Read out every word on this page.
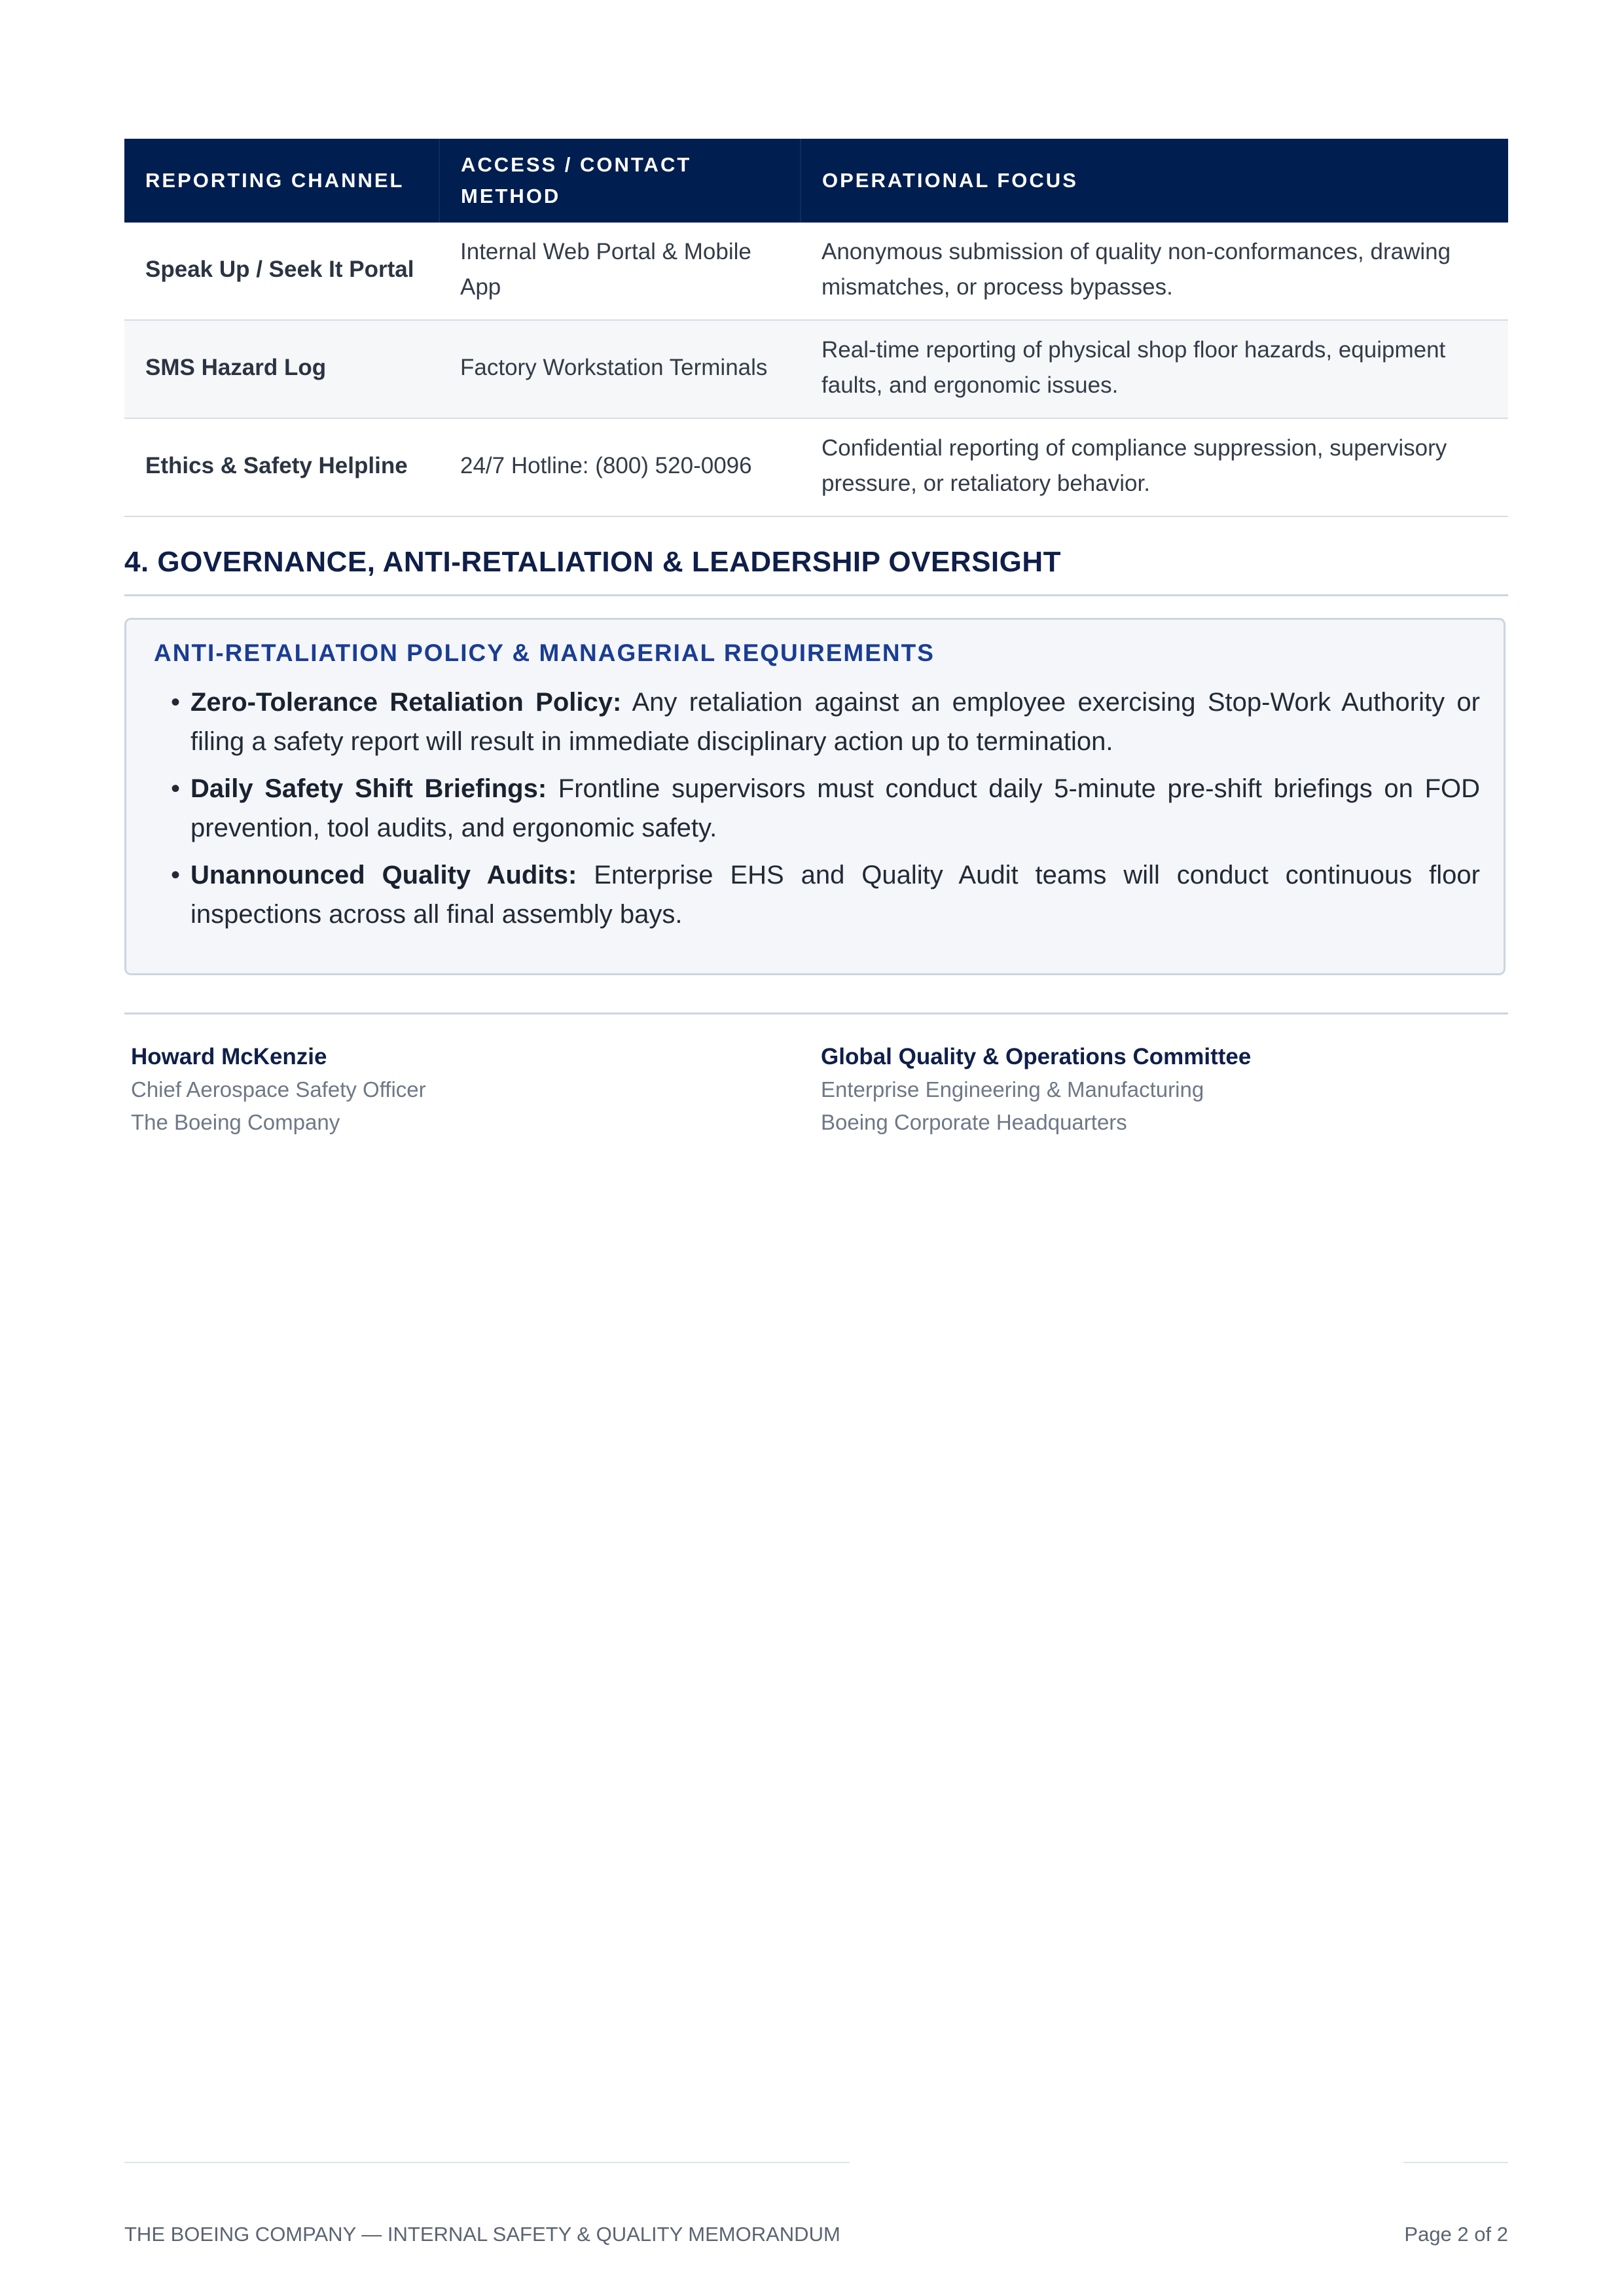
REPORTING CHANNEL	ACCESS / CONTACT METHOD	OPERATIONAL FOCUS
Speak Up / Seek It Portal	Internal Web Portal & Mobile App	Anonymous submission of quality non-conformances, drawing mismatches, or process bypasses.
SMS Hazard Log	Factory Workstation Terminals	Real-time reporting of physical shop floor hazards, equipment faults, and ergonomic issues.
Ethics & Safety Helpline	24/7 Hotline: (800) 520-0096	Confidential reporting of compliance suppression, supervisory pressure, or retaliatory behavior.
4. GOVERNANCE, ANTI-RETALIATION & LEADERSHIP OVERSIGHT
ANTI-RETALIATION POLICY & MANAGERIAL REQUIREMENTS
• Zero-Tolerance Retaliation Policy: Any retaliation against an employee exercising Stop-Work Authority or filing a safety report will result in immediate disciplinary action up to termination.
• Daily Safety Shift Briefings: Frontline supervisors must conduct daily 5-minute pre-shift briefings on FOD prevention, tool audits, and ergonomic safety.
• Unannounced Quality Audits: Enterprise EHS and Quality Audit teams will conduct continuous floor inspections across all final assembly bays.
Howard McKenzie
Chief Aerospace Safety Officer
The Boeing Company
Global Quality & Operations Committee
Enterprise Engineering & Manufacturing
Boeing Corporate Headquarters
THE BOEING COMPANY — INTERNAL SAFETY & QUALITY MEMORANDUM	Page 2 of 2
